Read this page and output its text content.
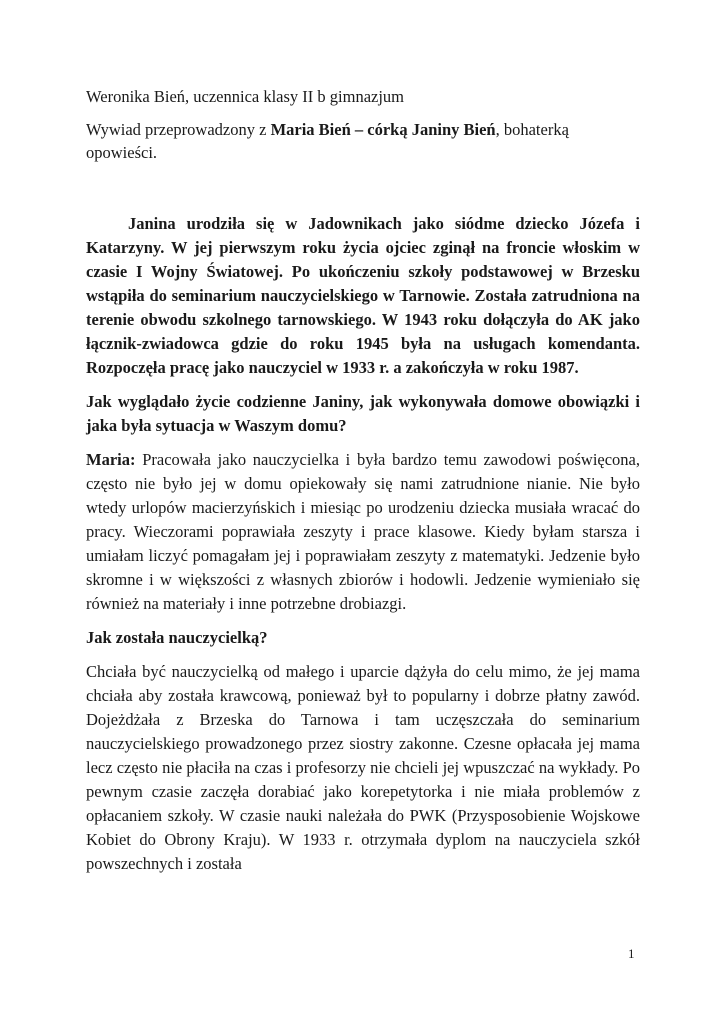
Weronika Bień, uczennica klasy II b gimnazjum

Wywiad przeprowadzony z Maria Bień – córką Janiny Bień, bohaterką opowieści.

Janina urodziła się w Jadownikach jako siódme dziecko Józefa i Katarzyny. W jej pierwszym roku życia ojciec zginął na froncie włoskim w czasie I Wojny Światowej. Po ukończeniu szkoły podstawowej w Brzesku wstąpiła do seminarium nauczycielskiego w Tarnowie. Została zatrudniona na terenie obwodu szkolnego tarnowskiego. W 1943 roku dołączyła do AK jako łącznik-zwiadowca gdzie do roku 1945 była na usługach komendanta. Rozpoczęła pracę jako nauczyciel w 1933 r. a zakończyła w roku 1987.

Jak wyglądało życie codzienne Janiny, jak wykonywała domowe obowiązki i jaka była sytuacja w Waszym domu?

Maria: Pracowała jako nauczycielka i była bardzo temu zawodowi poświęcona, często nie było jej w domu opiekowały się nami zatrudnione nianie. Nie było wtedy urlopów macierzyńskich i miesiąc po urodzeniu dziecka musiała wracać do pracy. Wieczorami poprawiała zeszyty i prace klasowe. Kiedy byłam starsza i umiałam liczyć pomagałam jej i poprawiałam zeszyty z matematyki. Jedzenie było skromne i w większości z własnych zbiorów i hodowli. Jedzenie wymieniało się również na materiały i inne potrzebne drobiazgi.

Jak została nauczycielką?

Chciała być nauczycielką od małego i uparcie dążyła do celu mimo, że jej mama chciała aby została krawcową, ponieważ był to popularny i dobrze płatny zawód. Dojeżdżała z Brzeska do Tarnowa i tam uczęszczała do seminarium nauczycielskiego prowadzonego przez siostry zakonne. Czesne opłacała jej mama lecz często nie płaciła na czas i profesorzy nie chcieli jej wpuszczać na wykłady. Po pewnym czasie zaczęła dorabiać jako korepetytorka i nie miała problemów z opłacaniem szkoły. W czasie nauki należała do PWK (Przysposobienie Wojskowe Kobiet do Obrony Kraju). W 1933 r. otrzymała dyplom na nauczyciela szkół powszechnych i została

1
